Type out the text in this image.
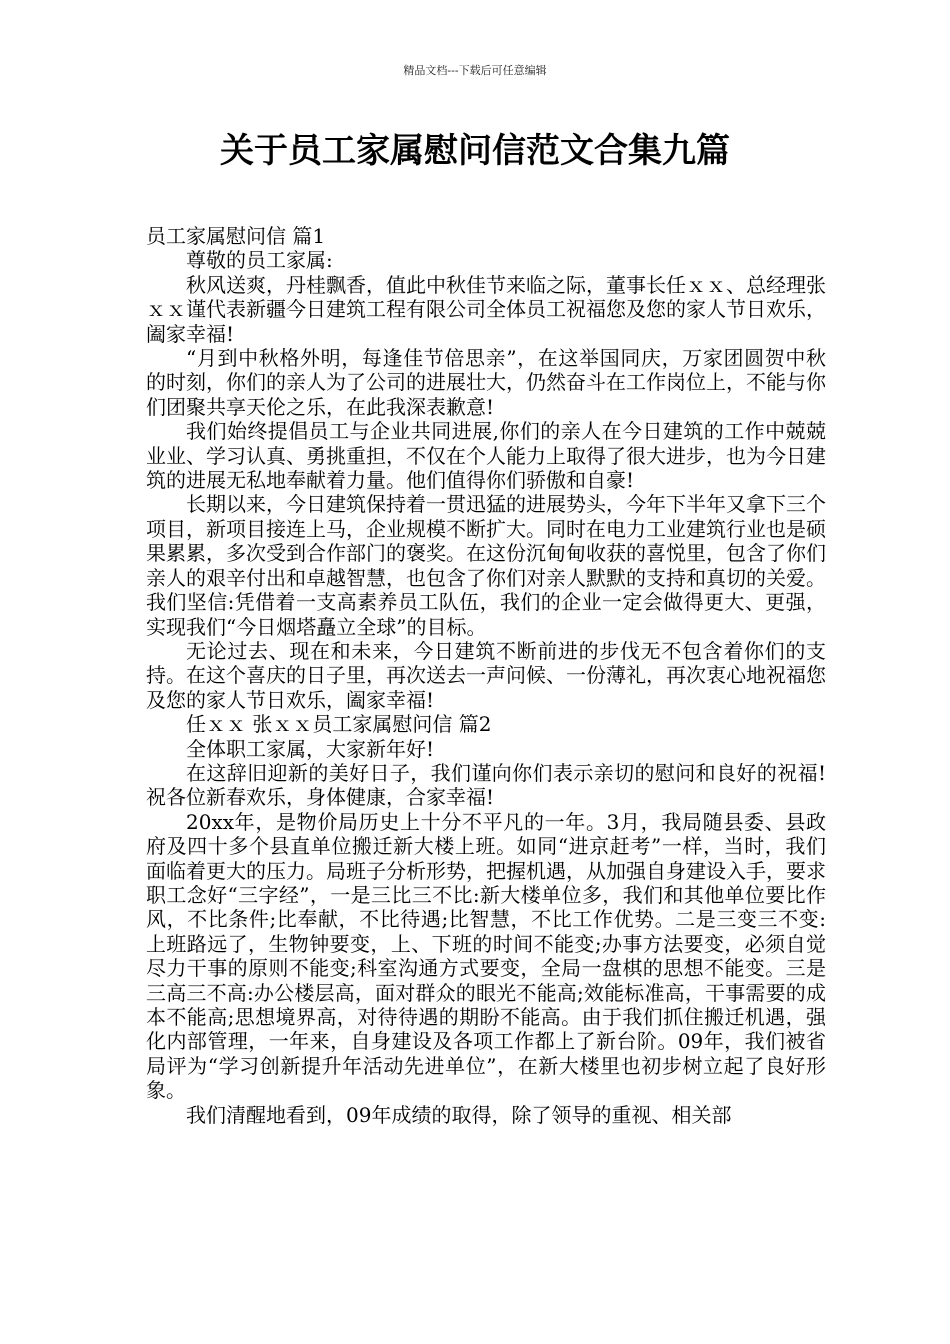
精品文档---下载后可任意编辑
关于员工家属慰问信范文合集九篇

员工家属慰问信 篇1

尊敬的员工家属:

秋风送爽，丹桂飘香，值此中秋佳节来临之际，董事长任ｘｘ、总经理张ｘｘ谨代表新疆今日建筑工程有限公司全体员工祝福您及您的家人节日欢乐，阖家幸福!

“月到中秋格外明，每逢佳节倍思亲”，在这举国同庆，万家团圆贺中秋的时刻，你们的亲人为了公司的进展壮大，仍然奋斗在工作岗位上，不能与你们团聚共享天伦之乐，在此我深表歉意!

我们始终提倡员工与企业共同进展,你们的亲人在今日建筑的工作中兢兢业业、学习认真、勇挑重担，不仅在个人能力上取得了很大进步，也为今日建筑的进展无私地奉献着力量。他们值得你们骄傲和自豪!

长期以来，今日建筑保持着一贯迅猛的进展势头，今年下半年又拿下三个项目，新项目接连上马，企业规模不断扩大。同时在电力工业建筑行业也是硕果累累，多次受到合作部门的褒奖。在这份沉甸甸收获的喜悦里，包含了你们亲人的艰辛付出和卓越智慧，也包含了你们对亲人默默的支持和真切的关爱。我们坚信:凭借着一支高素养员工队伍，我们的企业一定会做得更大、更强，实现我们“今日烟塔矗立全球”的目标。

无论过去、现在和未来，今日建筑不断前进的步伐无不包含着你们的支持。在这个喜庆的日子里，再次送去一声问候、一份薄礼，再次衷心地祝福您及您的家人节日欢乐，阖家幸福!

任ｘｘ 张ｘｘ员工家属慰问信 篇2

全体职工家属，大家新年好!

在这辞旧迎新的美好日子，我们谨向你们表示亲切的慰问和良好的祝福!祝各位新春欢乐，身体健康，合家幸福!

20xx年，是物价局历史上十分不平凡的一年。3月，我局随县委、县政府及四十多个县直单位搬迁新大楼上班。如同“进京赶考”一样，当时，我们面临着更大的压力。局班子分析形势，把握机遇，从加强自身建设入手，要求职工念好“三字经”，一是三比三不比:新大楼单位多，我们和其他单位要比作风，不比条件;比奉献，不比待遇;比智慧，不比工作优势。二是三变三不变:上班路远了，生物钟要变，上、下班的时间不能变;办事方法要变，必须自觉尽力干事的原则不能变;科室沟通方式要变，全局一盘棋的思想不能变。三是三高三不高:办公楼层高，面对群众的眼光不能高;效能标准高，干事需要的成本不能高;思想境界高，对待待遇的期盼不能高。由于我们抓住搬迁机遇，强化内部管理，一年来，自身建设及各项工作都上了新台阶。09年，我们被省局评为“学习创新提升年活动先进单位”，在新大楼里也初步树立起了良好形象。

我们清醒地看到，09年成绩的取得，除了领导的重视、相关部
